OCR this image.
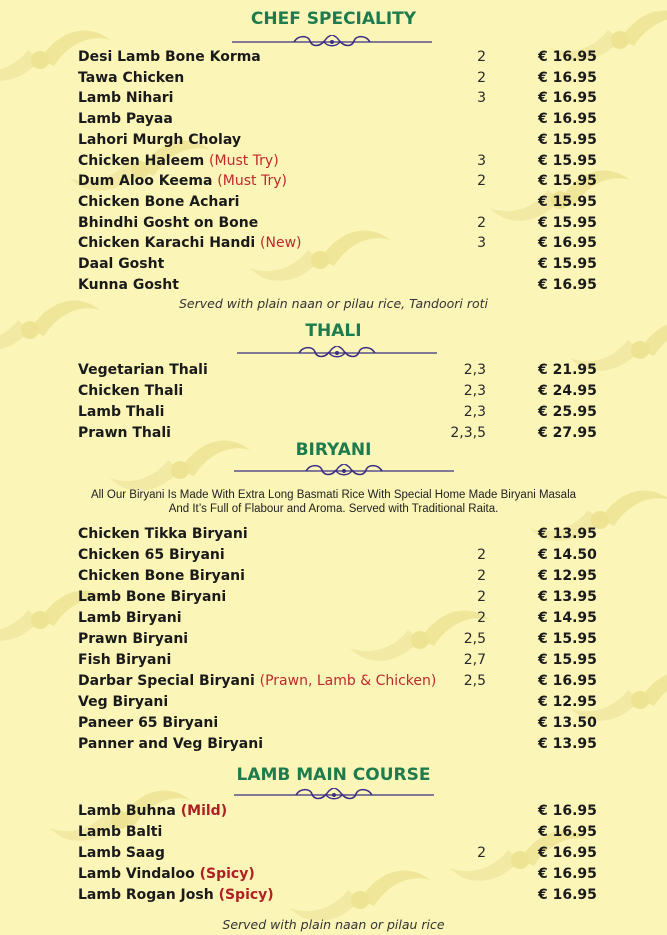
CHEF SPECIALITY
Desi Lamb Bone Korma	2	€ 16.95
Tawa Chicken	2	€ 16.95
Lamb Nihari	3	€ 16.95
Lamb Payaa	€ 16.95
Lahori Murgh Cholay	€ 15.95
Chicken Haleem (Must Try)	3	€ 15.95
Dum Aloo Keema (Must Try)	2	€ 15.95
Chicken Bone Achari	€ 15.95
Bhindhi Gosht on Bone	2	€ 15.95
Chicken Karachi Handi (New)	3	€ 16.95
Daal Gosht	€ 15.95
Kunna Gosht	€ 16.95
Served with plain naan or pilau rice, Tandoori roti
THALI
Vegetarian Thali	2,3	€ 21.95
Chicken Thali	2,3	€ 24.95
Lamb Thali	2,3	€ 25.95
Prawn Thali	2,3,5	€ 27.95
BIRYANI
All Our Biryani Is Made With Extra Long Basmati Rice With Special Home Made Biryani Masala
And It’s Full of Flabour and Aroma. Served with Traditional Raita.
Chicken Tikka Biryani	€ 13.95
Chicken 65 Biryani	2	€ 14.50
Chicken Bone Biryani	2	€ 12.95
Lamb Bone Biryani	2	€ 13.95
Lamb Biryani	2	€ 14.95
Prawn Biryani	2,5	€ 15.95
Fish Biryani	2,7	€ 15.95
Darbar Special Biryani (Prawn, Lamb & Chicken)	2,5	€ 16.95
Veg Biryani	€ 12.95
Paneer 65 Biryani	€ 13.50
Panner and Veg Biryani	€ 13.95
LAMB MAIN COURSE
Lamb Buhna (Mild)	€ 16.95
Lamb Balti	€ 16.95
Lamb Saag	2	€ 16.95
Lamb Vindaloo (Spicy)	€ 16.95
Lamb Rogan Josh (Spicy)	€ 16.95
Served with plain naan or pilau rice
